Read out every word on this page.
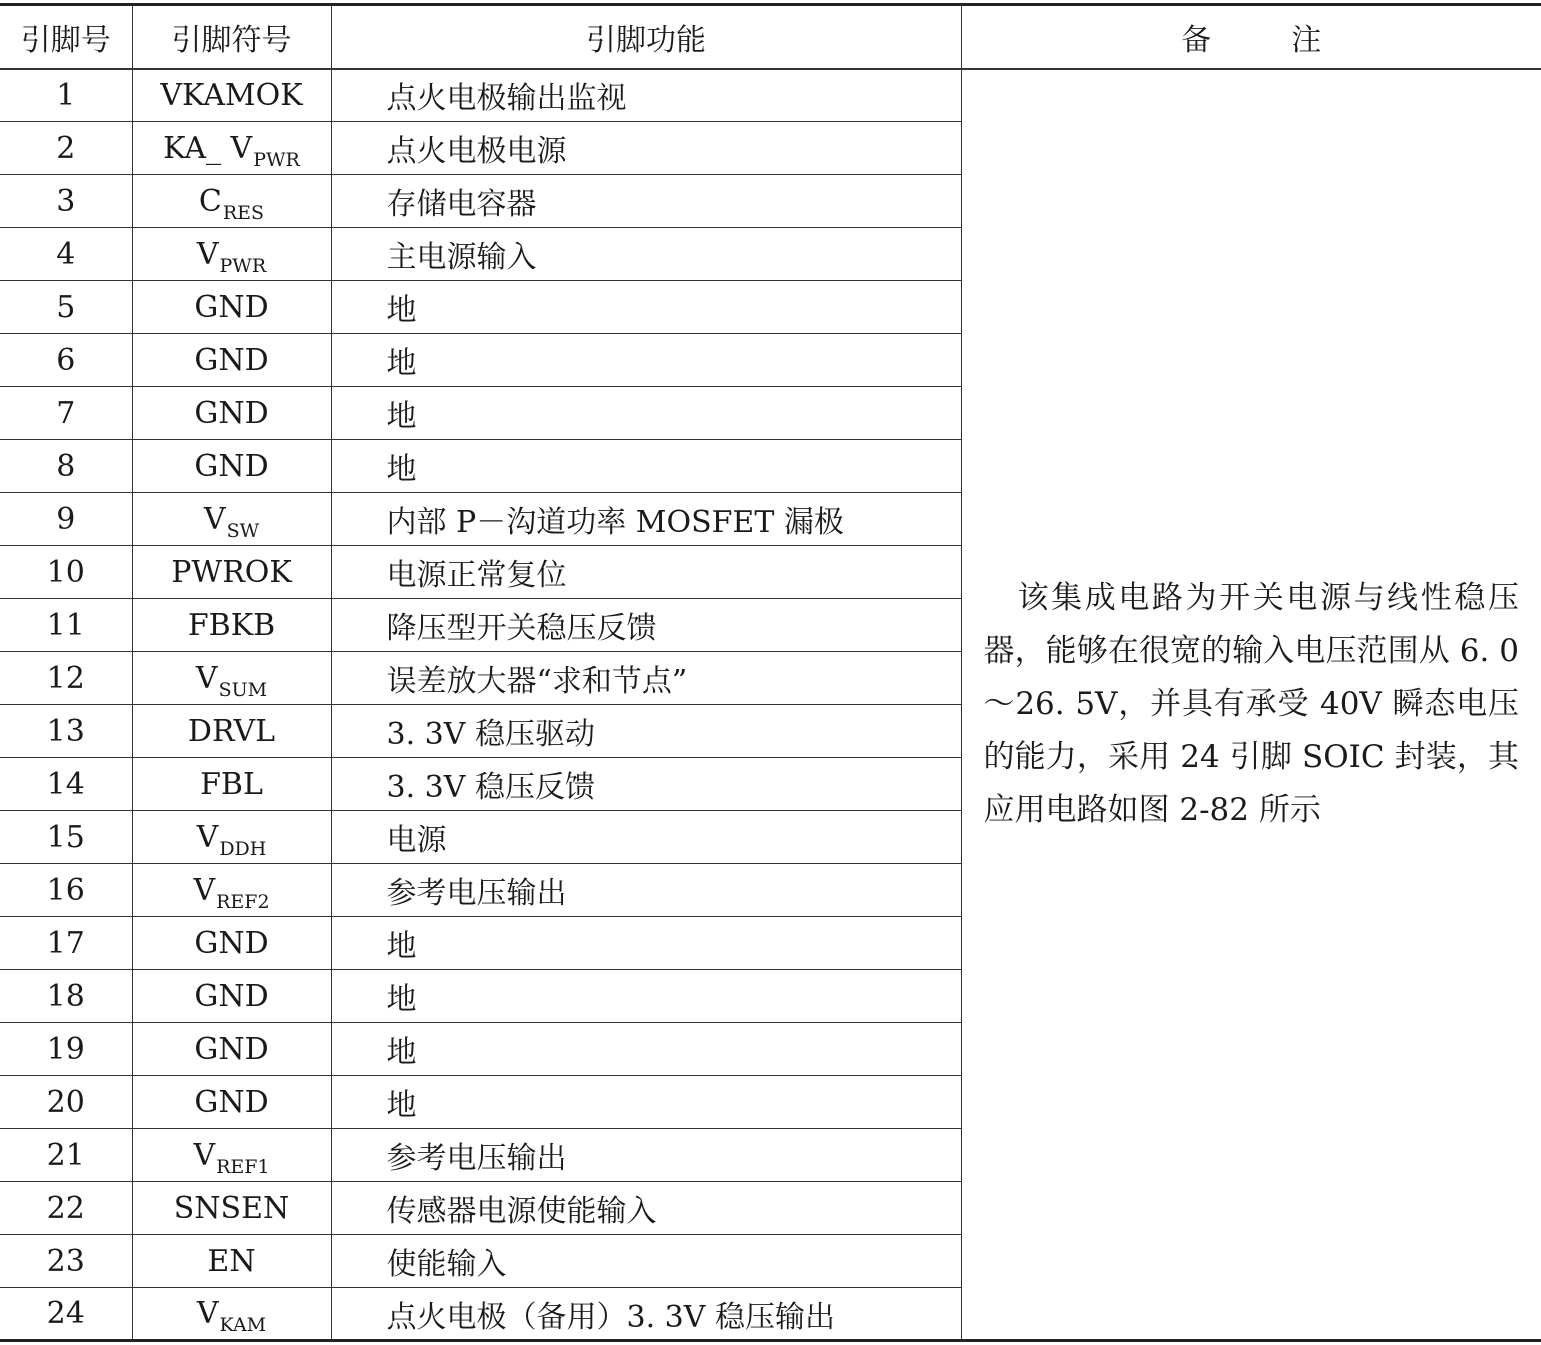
引脚号	引脚符号	引脚功能	备 注
1	VKAMOK	点火电极输出监视	该集成电路为开关电源与线性稳压器，能够在很宽的输入电压范围从 6. 0～26. 5V，并具有承受 40V 瞬态电压的能力，采用 24 引脚 SOIC 封装，其应用电路如图 2-82 所示
2	KA_ $V_{PWR}$	点火电极电源	
3	$C_{RES}$	存储电容器	
4	$V_{PWR}$	主电源输入	
5	GND	地	
6	GND	地	
7	GND	地	
8	GND	地	
9	$V_{SW}$	内部 P－沟道功率 MOSFET 漏极	
10	PWROK	电源正常复位	
11	FBKB	降压型开关稳压反馈	
12	$V_{SUM}$	误差放大器“求和节点”	
13	DRVL	3. 3V 稳压驱动	
14	FBL	3. 3V 稳压反馈	
15	$V_{DDH}$	电源	
16	$V_{REF2}$	参考电压输出	
17	GND	地	
18	GND	地	
19	GND	地	
20	GND	地	
21	$V_{REF1}$	参考电压输出	
22	SNSEN	传感器电源使能输入	
23	EN	使能输入	
24	$V_{KAM}$	点火电极（备用）3. 3V 稳压输出	
